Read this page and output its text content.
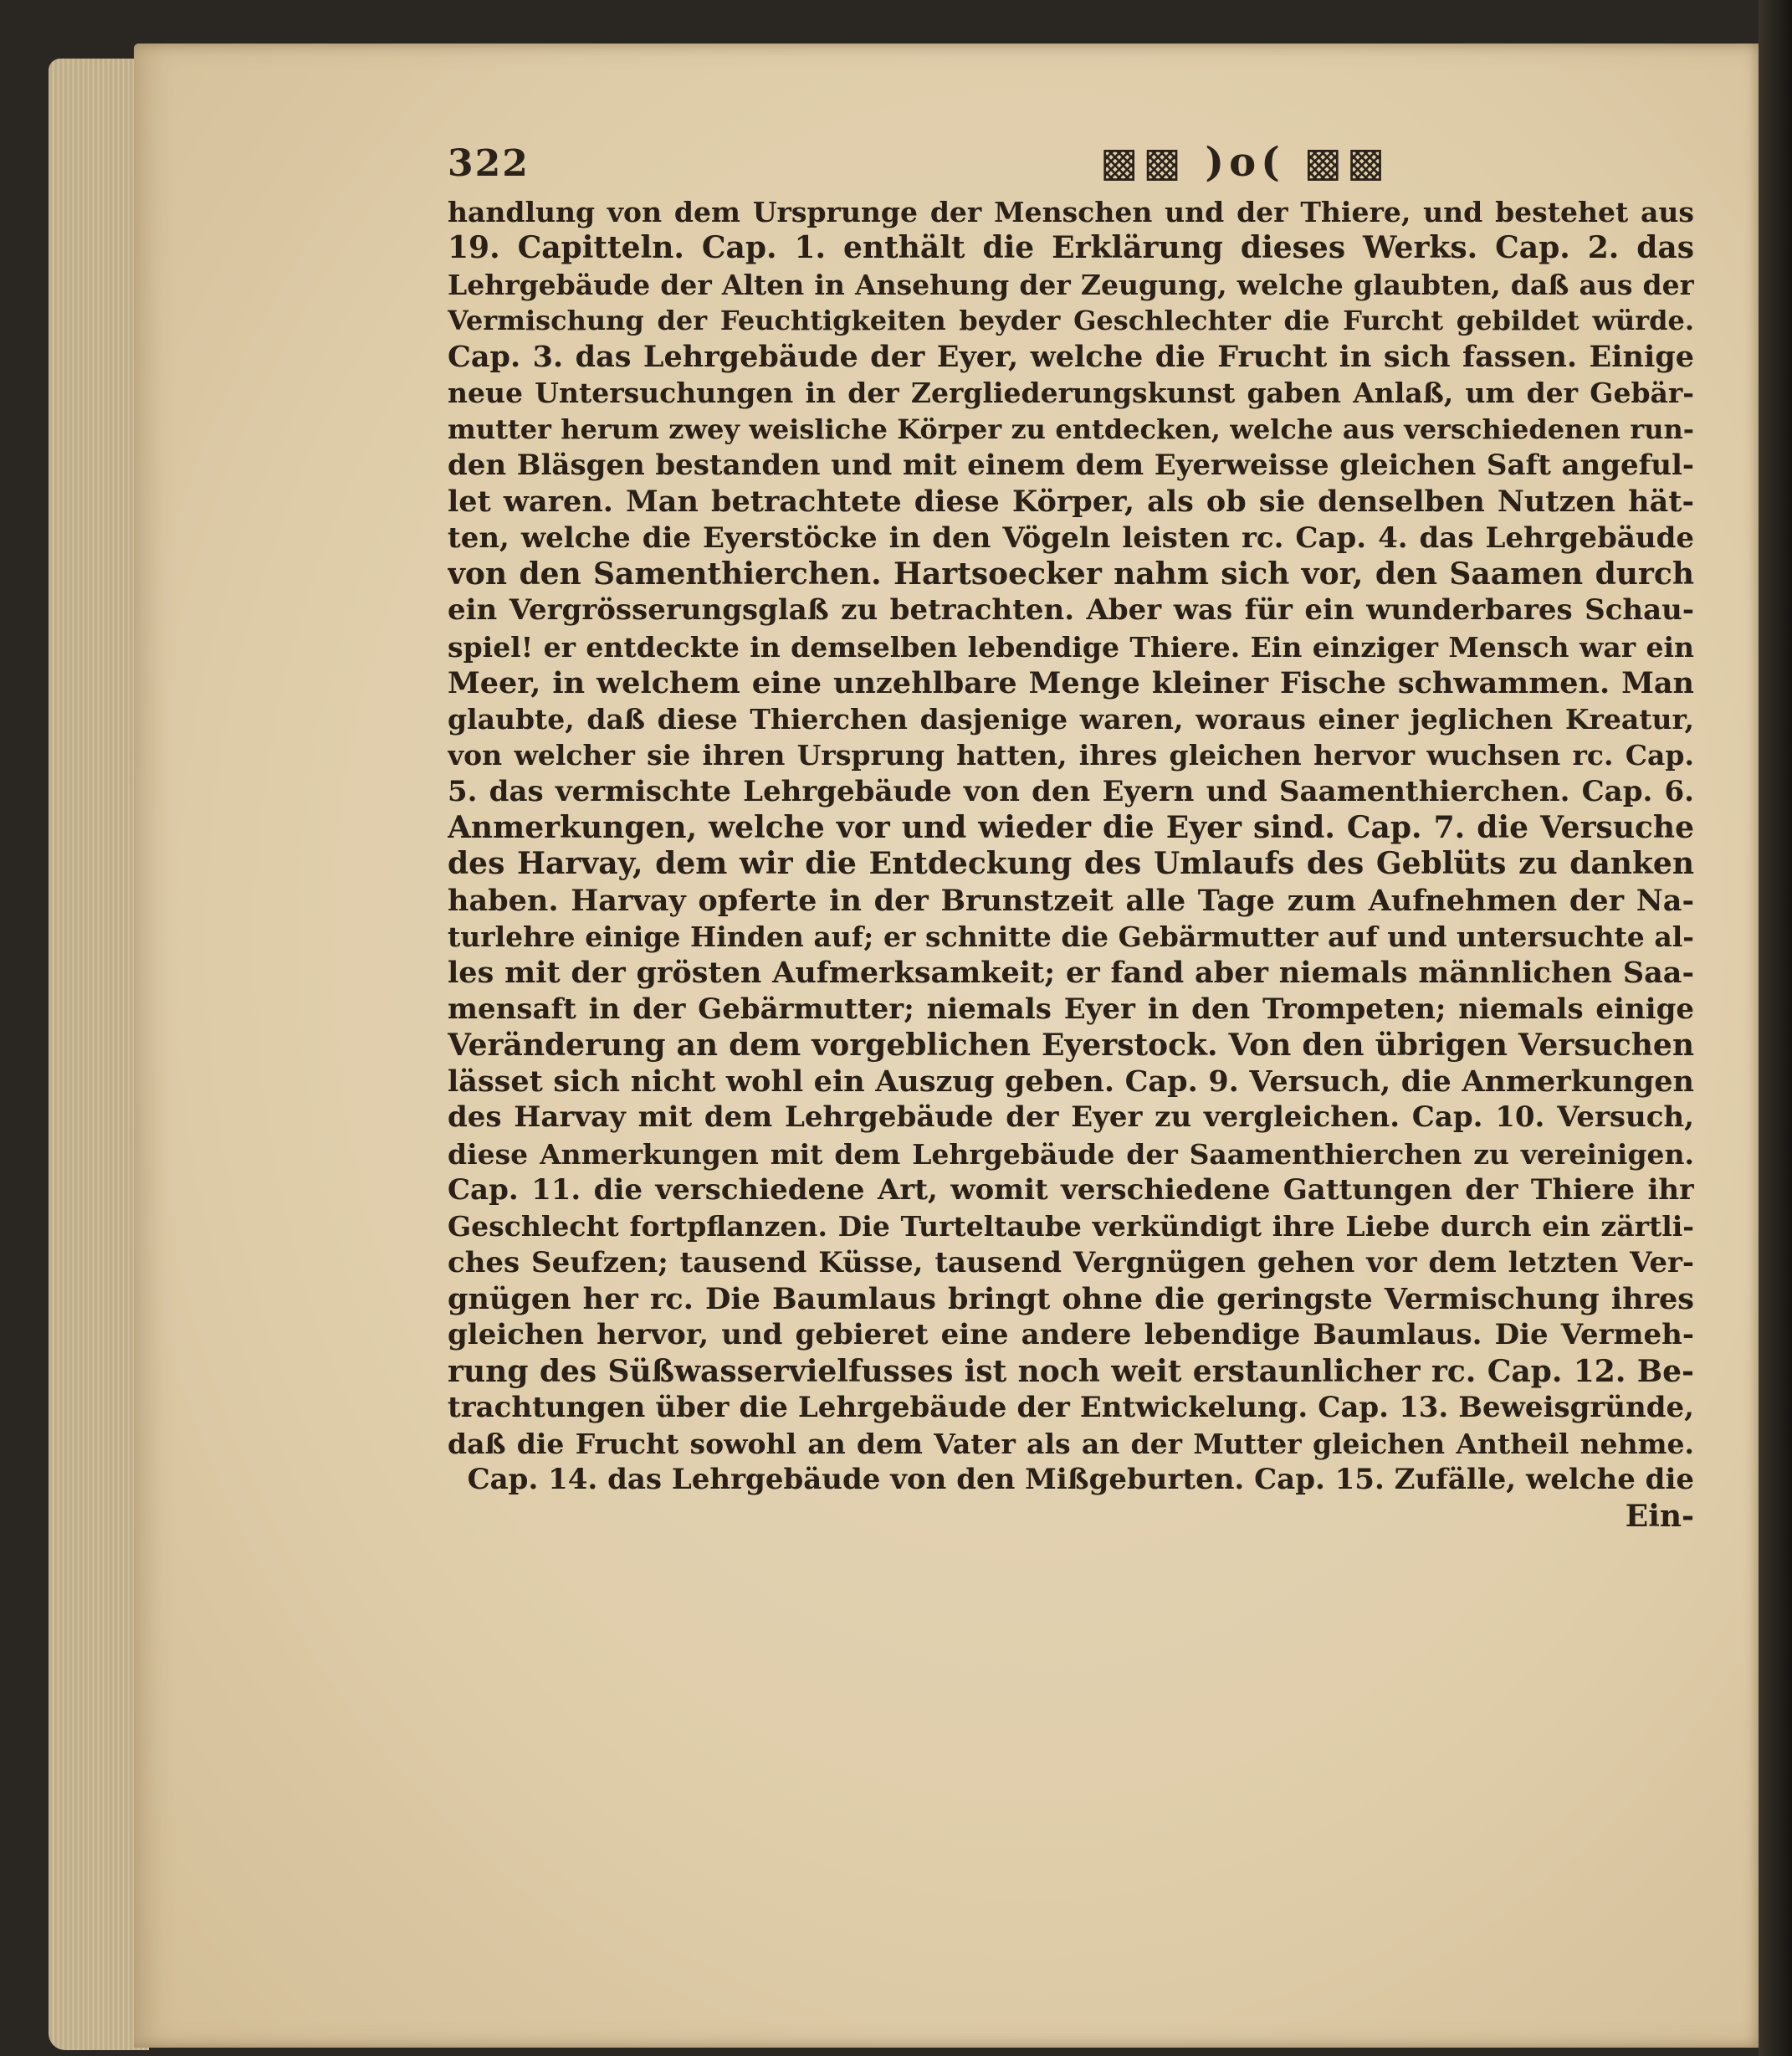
322	▩▩ )o( ▩▩
handlung von dem Ursprunge der Menschen und der Thiere, und bestehet aus
19. Capitteln. Cap. 1. enthält die Erklärung dieses Werks. Cap. 2. das
Lehrgebäude der Alten in Ansehung der Zeugung, welche glaubten, daß aus der
Vermischung der Feuchtigkeiten beyder Geschlechter die Furcht gebildet würde.
Cap. 3. das Lehrgebäude der Eyer, welche die Frucht in sich fassen. Einige
neue Untersuchungen in der Zergliederungskunst gaben Anlaß, um der Gebär-
mutter herum zwey weisliche Körper zu entdecken, welche aus verschiedenen run-
den Bläsgen bestanden und mit einem dem Eyerweisse gleichen Saft angeful-
let waren. Man betrachtete diese Körper, als ob sie denselben Nutzen hät-
ten, welche die Eyerstöcke in den Vögeln leisten rc. Cap. 4. das Lehrgebäude
von den Samenthierchen. Hartsoecker nahm sich vor, den Saamen durch
ein Vergrösserungsglaß zu betrachten. Aber was für ein wunderbares Schau-
spiel! er entdeckte in demselben lebendige Thiere. Ein einziger Mensch war ein
Meer, in welchem eine unzehlbare Menge kleiner Fische schwammen. Man
glaubte, daß diese Thierchen dasjenige waren, woraus einer jeglichen Kreatur,
von welcher sie ihren Ursprung hatten, ihres gleichen hervor wuchsen rc. Cap.
5. das vermischte Lehrgebäude von den Eyern und Saamenthierchen. Cap. 6.
Anmerkungen, welche vor und wieder die Eyer sind. Cap. 7. die Versuche
des Harvay, dem wir die Entdeckung des Umlaufs des Geblüts zu danken
haben. Harvay opferte in der Brunstzeit alle Tage zum Aufnehmen der Na-
turlehre einige Hinden auf; er schnitte die Gebärmutter auf und untersuchte al-
les mit der grösten Aufmerksamkeit; er fand aber niemals männlichen Saa-
mensaft in der Gebärmutter; niemals Eyer in den Trompeten; niemals einige
Veränderung an dem vorgeblichen Eyerstock. Von den übrigen Versuchen
lässet sich nicht wohl ein Auszug geben. Cap. 9. Versuch, die Anmerkungen
des Harvay mit dem Lehrgebäude der Eyer zu vergleichen. Cap. 10. Versuch,
diese Anmerkungen mit dem Lehrgebäude der Saamenthierchen zu vereinigen.
Cap. 11. die verschiedene Art, womit verschiedene Gattungen der Thiere ihr
Geschlecht fortpflanzen. Die Turteltaube verkündigt ihre Liebe durch ein zärtli-
ches Seufzen; tausend Küsse, tausend Vergnügen gehen vor dem letzten Ver-
gnügen her rc. Die Baumlaus bringt ohne die geringste Vermischung ihres
gleichen hervor, und gebieret eine andere lebendige Baumlaus. Die Vermeh-
rung des Süßwasservielfusses ist noch weit erstaunlicher rc. Cap. 12. Be-
trachtungen über die Lehrgebäude der Entwickelung. Cap. 13. Beweisgründe,
daß die Frucht sowohl an dem Vater als an der Mutter gleichen Antheil nehme.
Cap. 14. das Lehrgebäude von den Mißgeburten. Cap. 15. Zufälle, welche die
Ein-
